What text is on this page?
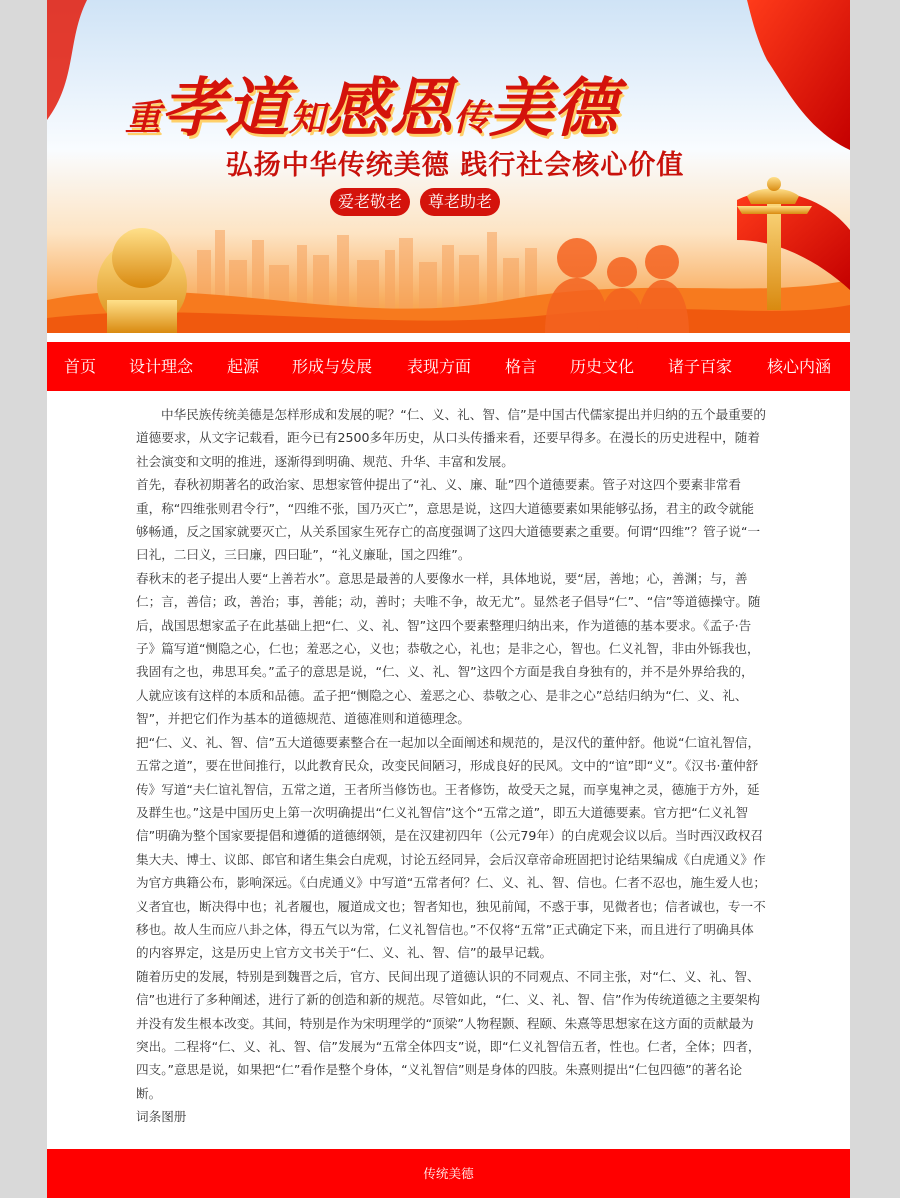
重孝道知感恩传美德
弘扬中华传统美德 践行社会核心价值
爱老敬老 尊老助老
首页 设计理念 起源 形成与发展 表现方面 格言 历史文化 诸子百家 核心内涵

中华民族传统美德是怎样形成和发展的呢？“仁、义、礼、智、信”是中国古代儒家提出并归纳的五个最重要的道德要求，从文字记载看，距今已有2500多年历史，从口头传播来看，还要早得多。在漫长的历史进程中，随着社会演变和文明的推进，逐渐得到明确、规范、升华、丰富和发展。

首先，春秋初期著名的政治家、思想家管仲提出了“礼、义、廉、耻”四个道德要素。管子对这四个要素非常看重，称“四维张则君令行”，“四维不张，国乃灭亡”，意思是说，这四大道德要素如果能够弘扬，君主的政令就能够畅通，反之国家就要灭亡，从关系国家生死存亡的高度强调了这四大道德要素之重要。何谓“四维”？管子说“一曰礼，二曰义，三曰廉，四曰耻”，“礼义廉耻，国之四维”。

春秋末的老子提出人要“上善若水”。意思是最善的人要像水一样，具体地说，要“居，善地；心，善渊；与，善仁；言，善信；政，善治；事，善能；动，善时；夫唯不争，故无尤”。显然老子倡导“仁”、“信”等道德操守。随后，战国思想家孟子在此基础上把“仁、义、礼、智”这四个要素整理归纳出来，作为道德的基本要求。《孟子·告子》篇写道“恻隐之心，仁也；羞恶之心，义也；恭敬之心，礼也；是非之心，智也。仁义礼智，非由外铄我也，我固有之也，弗思耳矣。”孟子的意思是说，“仁、义、礼、智”这四个方面是我自身独有的，并不是外界给我的，人就应该有这样的本质和品德。孟子把“恻隐之心、羞恶之心、恭敬之心、是非之心”总结归纳为“仁、义、礼、智”，并把它们作为基本的道德规范、道德准则和道德理念。

把“仁、义、礼、智、信”五大道德要素整合在一起加以全面阐述和规范的，是汉代的董仲舒。他说“仁谊礼智信，五常之道”，要在世间推行，以此教育民众，改变民间陋习，形成良好的民风。文中的“谊”即“义”。《汉书·董仲舒传》写道“夫仁谊礼智信，五常之道，王者所当修饬也。王者修饬，故受天之晁，而享鬼神之灵，德施于方外，延及群生也。”这是中国历史上第一次明确提出“仁义礼智信”这个“五常之道”，即五大道德要素。官方把“仁义礼智信”明确为整个国家要提倡和遵循的道德纲领，是在汉建初四年（公元79年）的白虎观会议以后。当时西汉政权召集大夫、博士、议郎、郎官和诸生集会白虎观，讨论五经同异，会后汉章帝命班固把讨论结果编成《白虎通义》作为官方典籍公布，影响深远。《白虎通义》中写道“五常者何？仁、义、礼、智、信也。仁者不忍也，施生爱人也；义者宜也，断决得中也；礼者履也，履道成文也；智者知也，独见前闻，不惑于事，见微者也；信者诚也，专一不移也。故人生而应八卦之体，得五气以为常，仁义礼智信也。”不仅将“五常”正式确定下来，而且进行了明确具体的内容界定，这是历史上官方文书关于“仁、义、礼、智、信”的最早记载。

随着历史的发展，特别是到魏晋之后，官方、民间出现了道德认识的不同观点、不同主张，对“仁、义、礼、智、信”也进行了多种阐述，进行了新的创造和新的规范。尽管如此，“仁、义、礼、智、信”作为传统道德之主要架构并没有发生根本改变。其间，特别是作为宋明理学的“顶梁”人物程颢、程颐、朱熹等思想家在这方面的贡献最为突出。二程将“仁、义、礼、智、信”发展为“五常全体四支”说，即“仁义礼智信五者，性也。仁者，全体；四者，四支。”意思是说，如果把“仁”看作是整个身体，“义礼智信”则是身体的四肢。朱熹则提出“仁包四德”的著名论断。

词条图册

传统美德
